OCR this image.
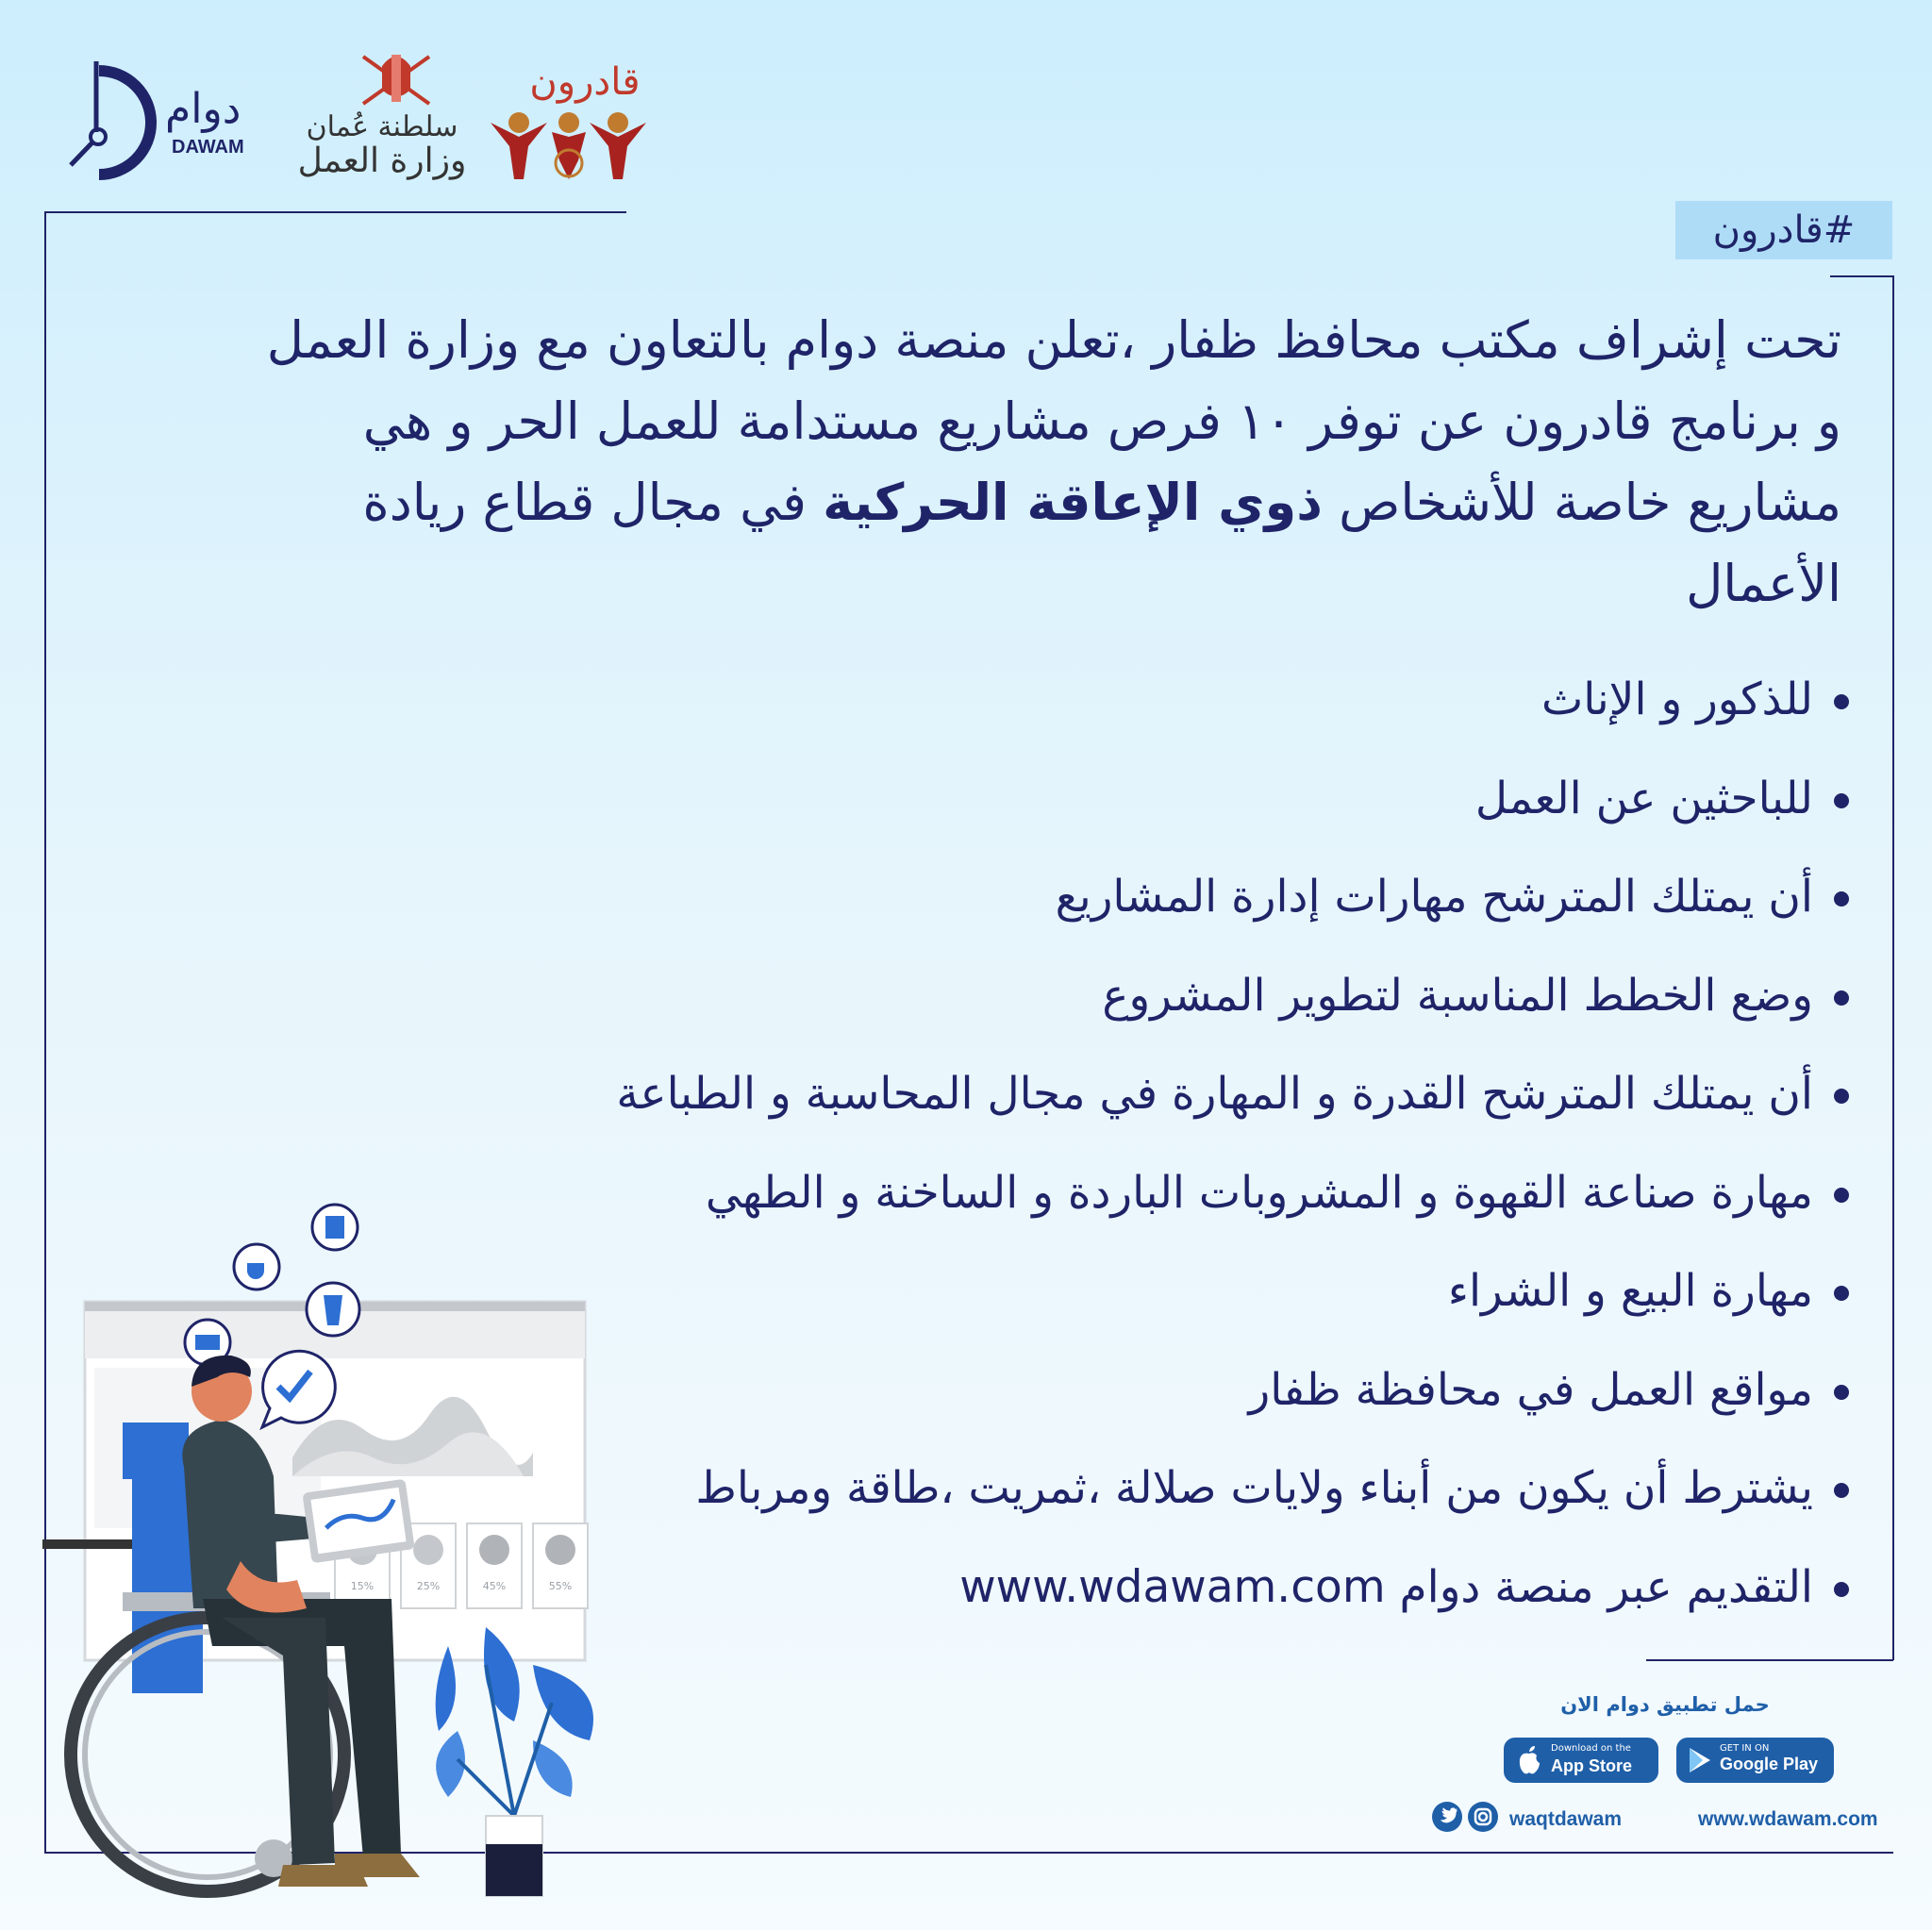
دوام
DAWAM
سلطنة عُمان
وزارة العمل
قادرون
#قادرون
تحت إشراف مكتب محافظ ظفار ،تعلن منصة دوام بالتعاون مع وزارة العمل و برنامج قادرون عن توفر ١٠ فرص مشاريع مستدامة للعمل الحر و هي مشاريع خاصة للأشخاص ذوي الإعاقة الحركية في مجال قطاع ريادة الأعمال
للذكور و الإناث
للباحثين عن العمل
أن يمتلك المترشح مهارات إدارة المشاريع
وضع الخطط المناسبة لتطوير المشروع
أن يمتلك المترشح القدرة و المهارة في مجال المحاسبة و الطباعة
مهارة صناعة القهوة و المشروبات الباردة و الساخنة و الطهي
مهارة البيع و الشراء
مواقع العمل في محافظة ظفار
يشترط أن يكون من أبناء ولايات صلالة ،ثمريت ،طاقة ومرباط
التقديم عبر منصة دوام www.wdawam.com
15%	25%	45%	55%
حمل تطبيق دوام الان
Download on the
App Store
GET IN ON
Google Play
waqtdawam	www.wdawam.com
